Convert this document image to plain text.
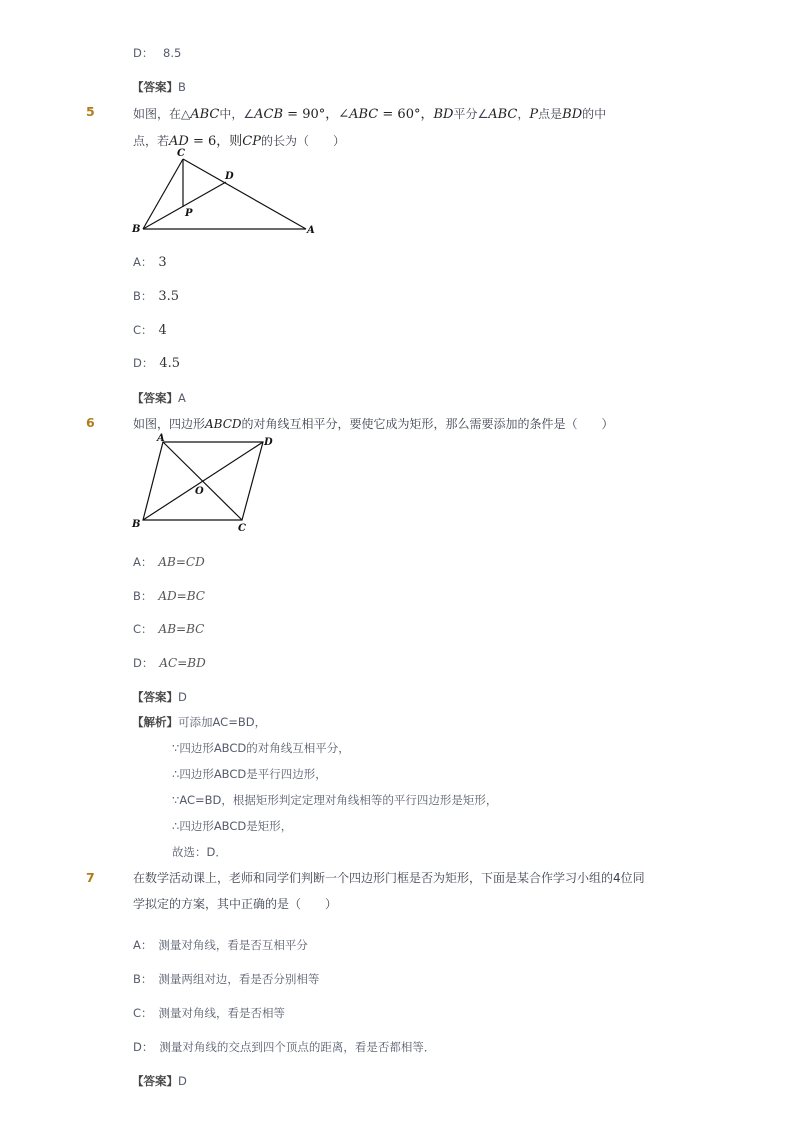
D： 8.5
【答案】B
5	如图，在△ABC中，∠ACB = 90°，∠ABC = 60°，BD平分∠ABC，P点是BD的中
点，若AD = 6，则CP的长为（　　）
C
D
P
B	A
A： 3
B： 3.5
C： 4
D： 4.5
【答案】A
6	如图，四边形ABCD的对角线互相平分，要使它成为矩形，那么需要添加的条件是（　　）
A	D
O
B	C
A： AB=CD
B： AD=BC
C： AB=BC
D： AC=BD
【答案】D
【解析】可添加AC=BD，
∵四边形ABCD的对角线互相平分，
∴四边形ABCD是平行四边形，
∵AC=BD，根据矩形判定定理对角线相等的平行四边形是矩形，
∴四边形ABCD是矩形，
故选：D．
7	在数学活动课上，老师和同学们判断一个四边形门框是否为矩形，下面是某合作学习小组的4位同
学拟定的方案，其中正确的是（　　）
A： 测量对角线，看是否互相平分
B： 测量两组对边，看是否分别相等
C： 测量对角线，看是否相等
D： 测量对角线的交点到四个顶点的距离，看是否都相等．
【答案】D
